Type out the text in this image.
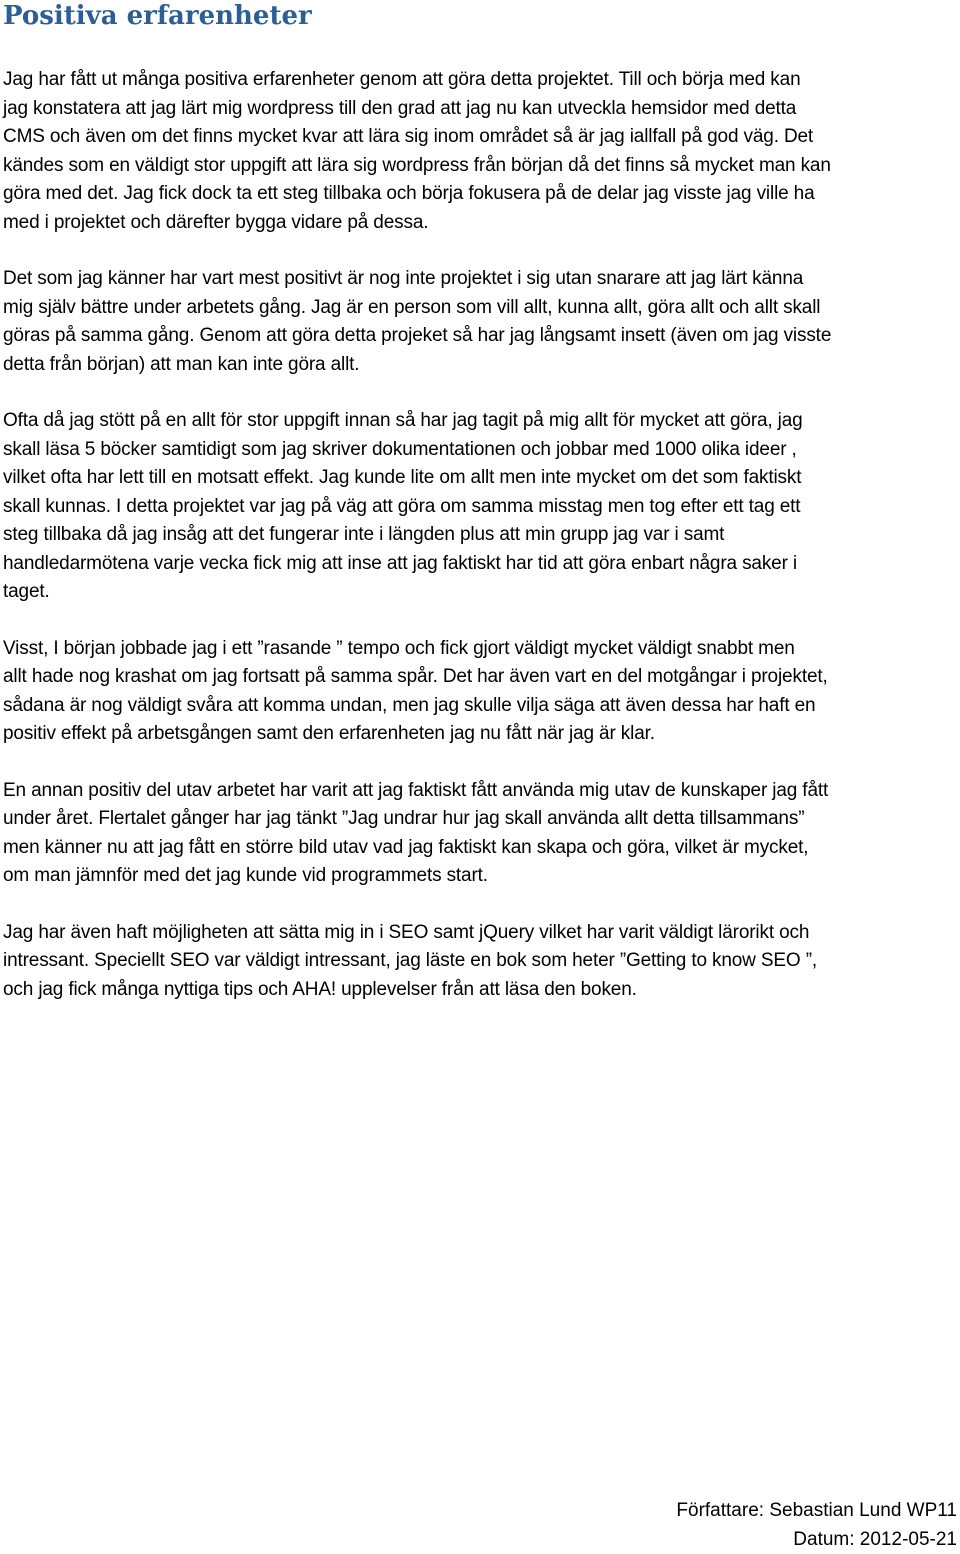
Positiva erfarenheter

Jag har fått ut många positiva erfarenheter genom att göra detta projektet. Till och börja med kan
jag konstatera att jag lärt mig wordpress till den grad att jag nu kan utveckla hemsidor med detta
CMS och även om det finns mycket kvar att lära sig inom området så är jag iallfall på god väg. Det
kändes som en väldigt stor uppgift att lära sig wordpress från början då det finns så mycket man kan
göra med det. Jag fick dock ta ett steg tillbaka och börja fokusera på de delar jag visste jag ville ha
med i projektet och därefter bygga vidare på dessa.

Det som jag känner har vart mest positivt är nog inte projektet i sig utan snarare att jag lärt känna
mig själv bättre under arbetets gång. Jag är en person som vill allt, kunna allt, göra allt och allt skall
göras på samma gång. Genom att göra detta projeket så har jag långsamt insett (även om jag visste
detta från början) att man kan inte göra allt.

Ofta då jag stött på en allt för stor uppgift innan så har jag tagit på mig allt för mycket att göra, jag
skall läsa 5 böcker samtidigt som jag skriver dokumentationen och jobbar med 1000 olika ideer ,
vilket ofta har lett till en motsatt effekt. Jag kunde lite om allt men inte mycket om det som faktiskt
skall kunnas. I detta projektet var jag på väg att göra om samma misstag men tog efter ett tag ett
steg tillbaka då jag insåg att det fungerar inte i längden plus att min grupp jag var i samt
handledarmötena varje vecka fick mig att inse att jag faktiskt har tid att göra enbart några saker i
taget.

Visst, I början jobbade jag i ett ”rasande ” tempo och fick gjort väldigt mycket väldigt snabbt men
allt hade nog krashat om jag fortsatt på samma spår. Det har även vart en del motgångar i projektet,
sådana är nog väldigt svåra att komma undan, men jag skulle vilja säga att även dessa har haft en
positiv effekt på arbetsgången samt den erfarenheten jag nu fått när jag är klar.

En annan positiv del utav arbetet har varit att jag faktiskt fått använda mig utav de kunskaper jag fått
under året. Flertalet gånger har jag tänkt ”Jag undrar hur jag skall använda allt detta tillsammans”
men känner nu att jag fått en större bild utav vad jag faktiskt kan skapa och göra, vilket är mycket,
om man jämnför med det jag kunde vid programmets start.

Jag har även haft möjligheten att sätta mig in i SEO samt jQuery vilket har varit väldigt lärorikt och
intressant. Speciellt SEO var väldigt intressant, jag läste en bok som heter ”Getting to know SEO ”,
och jag fick många nyttiga tips och AHA! upplevelser från att läsa den boken.

Författare: Sebastian Lund WP11
Datum: 2012-05-21
